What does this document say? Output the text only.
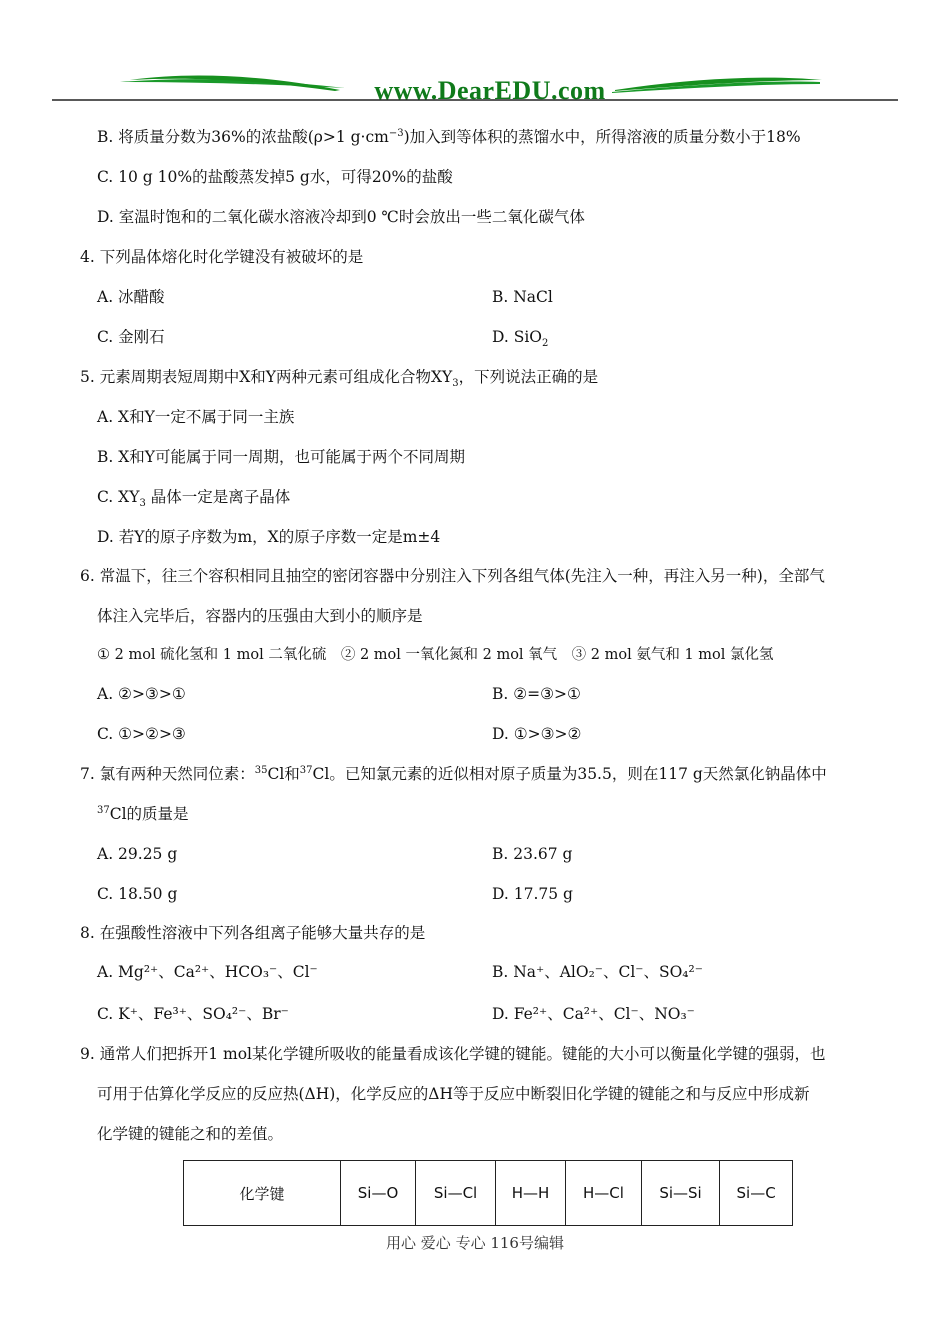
www.DearEDU.com
B. 将质量分数为36%的浓盐酸(ρ>1 $g\cdot cm^{-3}$)加入到等体积的蒸馏水中，所得溶液的质量分数小于18%
C. 10 g 10%的盐酸蒸发掉5 g水，可得20%的盐酸
D. 室温时饱和的二氧化碳水溶液冷却到0 ℃时会放出一些二氧化碳气体
4. 下列晶体熔化时化学键没有被破坏的是
A. 冰醋酸	B. NaCl
C. 金刚石	D. SiO$_2$
5. 元素周期表短周期中X和Y两种元素可组成化合物$XY_3$，下列说法正确的是
A. X和Y一定不属于同一主族
B. X和Y可能属于同一周期，也可能属于两个不同周期
C. $XY_3$ 晶体一定是离子晶体
D. 若Y的原子序数为m，X的原子序数一定是m±4
6. 常温下，往三个容积相同且抽空的密闭容器中分别注入下列各组气体(先注入一种，再注入另一种)，全部气
体注入完毕后，容器内的压强由大到小的顺序是
① 2 mol 硫化氢和 1 mol 二氧化硫　② 2 mol 一氧化氮和 2 mol 氧气　③ 2 mol 氨气和 1 mol 氯化氢
A. ②>③>①	B. ②=③>①
C. ①>②>③	D. ①>③>②
7. 氯有两种天然同位素：$^{35}$Cl和$^{37}$Cl。已知氯元素的近似相对原子质量为35.5，则在117 g天然氯化钠晶体中
$^{37}$Cl的质量是
A. 29.25 g	B. 23.67 g
C. 18.50 g	D. 17.75 g
8. 在强酸性溶液中下列各组离子能够大量共存的是
A. Mg²⁺、Ca²⁺、HCO₃⁻、Cl⁻	B. Na⁺、AlO₂⁻、Cl⁻、SO₄²⁻
C. K⁺、Fe³⁺、SO₄²⁻、Br⁻	D. Fe²⁺、Ca²⁺、Cl⁻、NO₃⁻
9. 通常人们把拆开1 mol某化学键所吸收的能量看成该化学键的键能。键能的大小可以衡量化学键的强弱，也
可用于估算化学反应的反应热(ΔH)，化学反应的ΔH等于反应中断裂旧化学键的键能之和与反应中形成新
化学键的键能之和的差值。
化学键	Si—O	Si—Cl	H—H	H—Cl	Si—Si	Si—C
用心 爱心 专心 116号编辑
